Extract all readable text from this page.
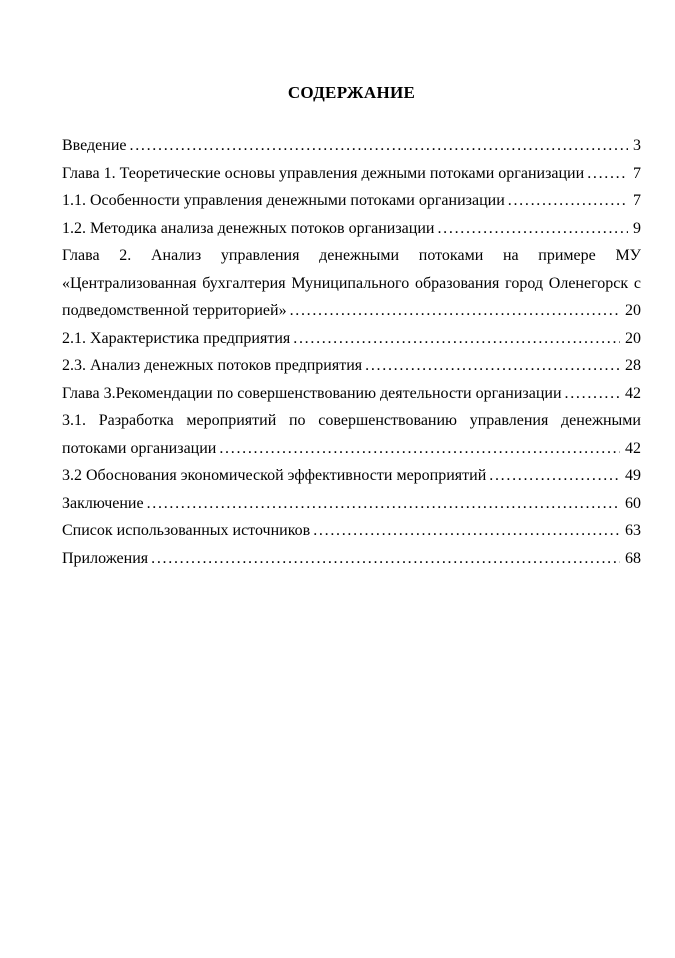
СОДЕРЖАНИЕ
Введение .....	3
Глава 1. Теоретические основы управления дежными потоками организации .....	7
1.1. Особенности управления денежными потоками организации .....	7
1.2. Методика анализа денежных потоков организации .....	9
Глава 2. Анализ управления денежными потоками на примере МУ
«Централизованная бухгалтерия Муниципального образования город Оленегорск с
подведомственной территорией» .....	20
2.1. Характеристика предприятия .....	20
2.3. Анализ денежных потоков предприятия .....	28
Глава 3.Рекомендации по совершенствованию деятельности организации .....	42
3.1. Разработка мероприятий по совершенствованию управления денежными
потоками организации .....	42
3.2 Обоснования экономической эффективности мероприятий .....	49
Заключение .....	60
Список использованных источников .....	63
Приложения .....	68
